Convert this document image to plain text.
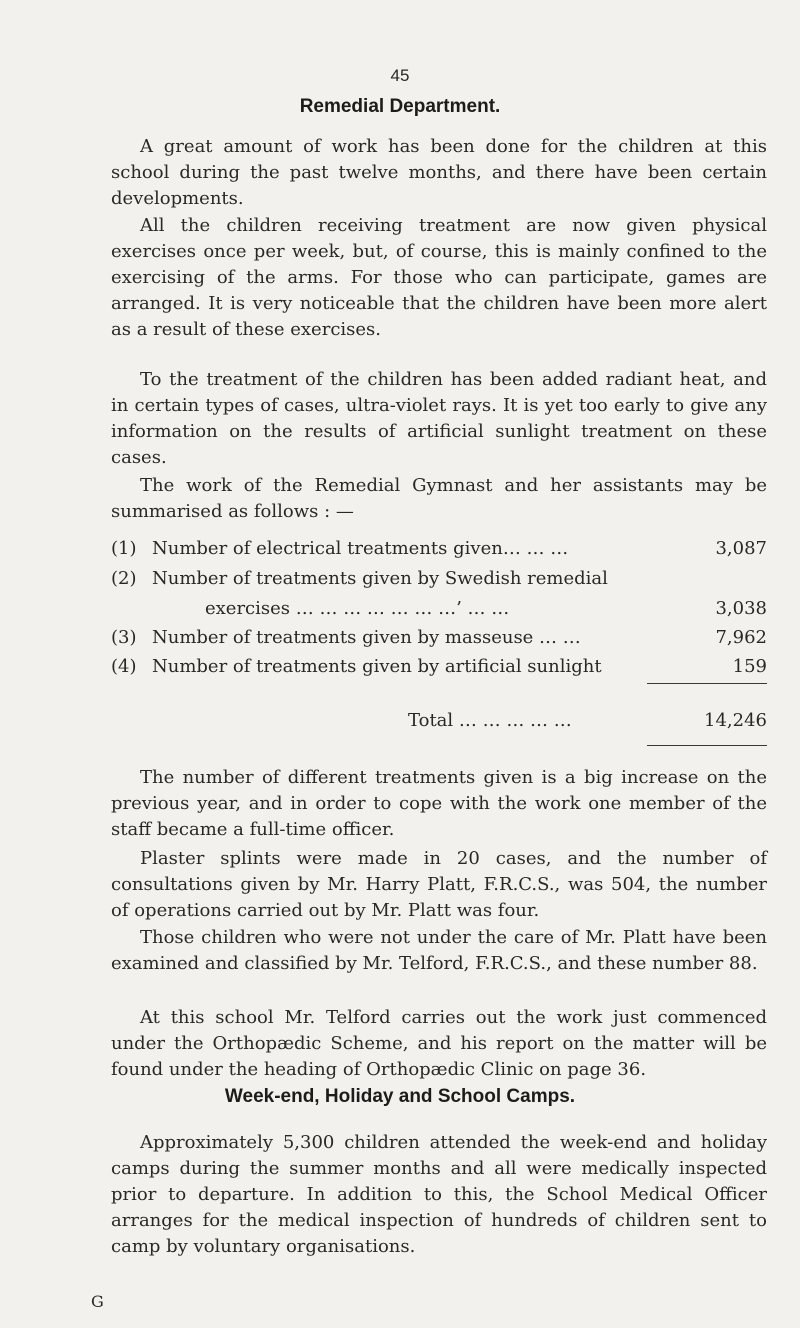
45
Remedial Department.

A great amount of work has been done for the children at this school during the past twelve months, and there have been certain developments.

All the children receiving treatment are now given physical exercises once per week, but, of course, this is mainly confined to the exercising of the arms. For those who can participate, games are arranged. It is very noticeable that the children have been more alert as a result of these exercises.

To the treatment of the children has been added radiant heat, and in certain types of cases, ultra-violet rays. It is yet too early to give any information on the results of artificial sunlight treatment on these cases.

The work of the Remedial Gymnast and her assistants may be summarised as follows : —

(1) Number of electrical treatments given… … …	3,087
(2) Number of treatments given by Swedish remedial
exercises … … … … … … …’ … …	3,038
(3) Number of treatments given by masseuse … …	7,962
(4) Number of treatments given by artificial sunlight	159
Total … … … … …	14,246

The number of different treatments given is a big increase on the previous year, and in order to cope with the work one member of the staff became a full-time officer.

Plaster splints were made in 20 cases, and the number of consultations given by Mr. Harry Platt, F.R.C.S., was 504, the number of operations carried out by Mr. Platt was four.

Those children who were not under the care of Mr. Platt have been examined and classified by Mr. Telford, F.R.C.S., and these number 88.

At this school Mr. Telford carries out the work just commenced under the Orthopædic Scheme, and his report on the matter will be found under the heading of Orthopædic Clinic on page 36.

Week-end, Holiday and School Camps.

Approximately 5,300 children attended the week-end and holiday camps during the summer months and all were medically inspected prior to departure. In addition to this, the School Medical Officer arranges for the medical inspection of hundreds of children sent to camp by voluntary organisations.

G
